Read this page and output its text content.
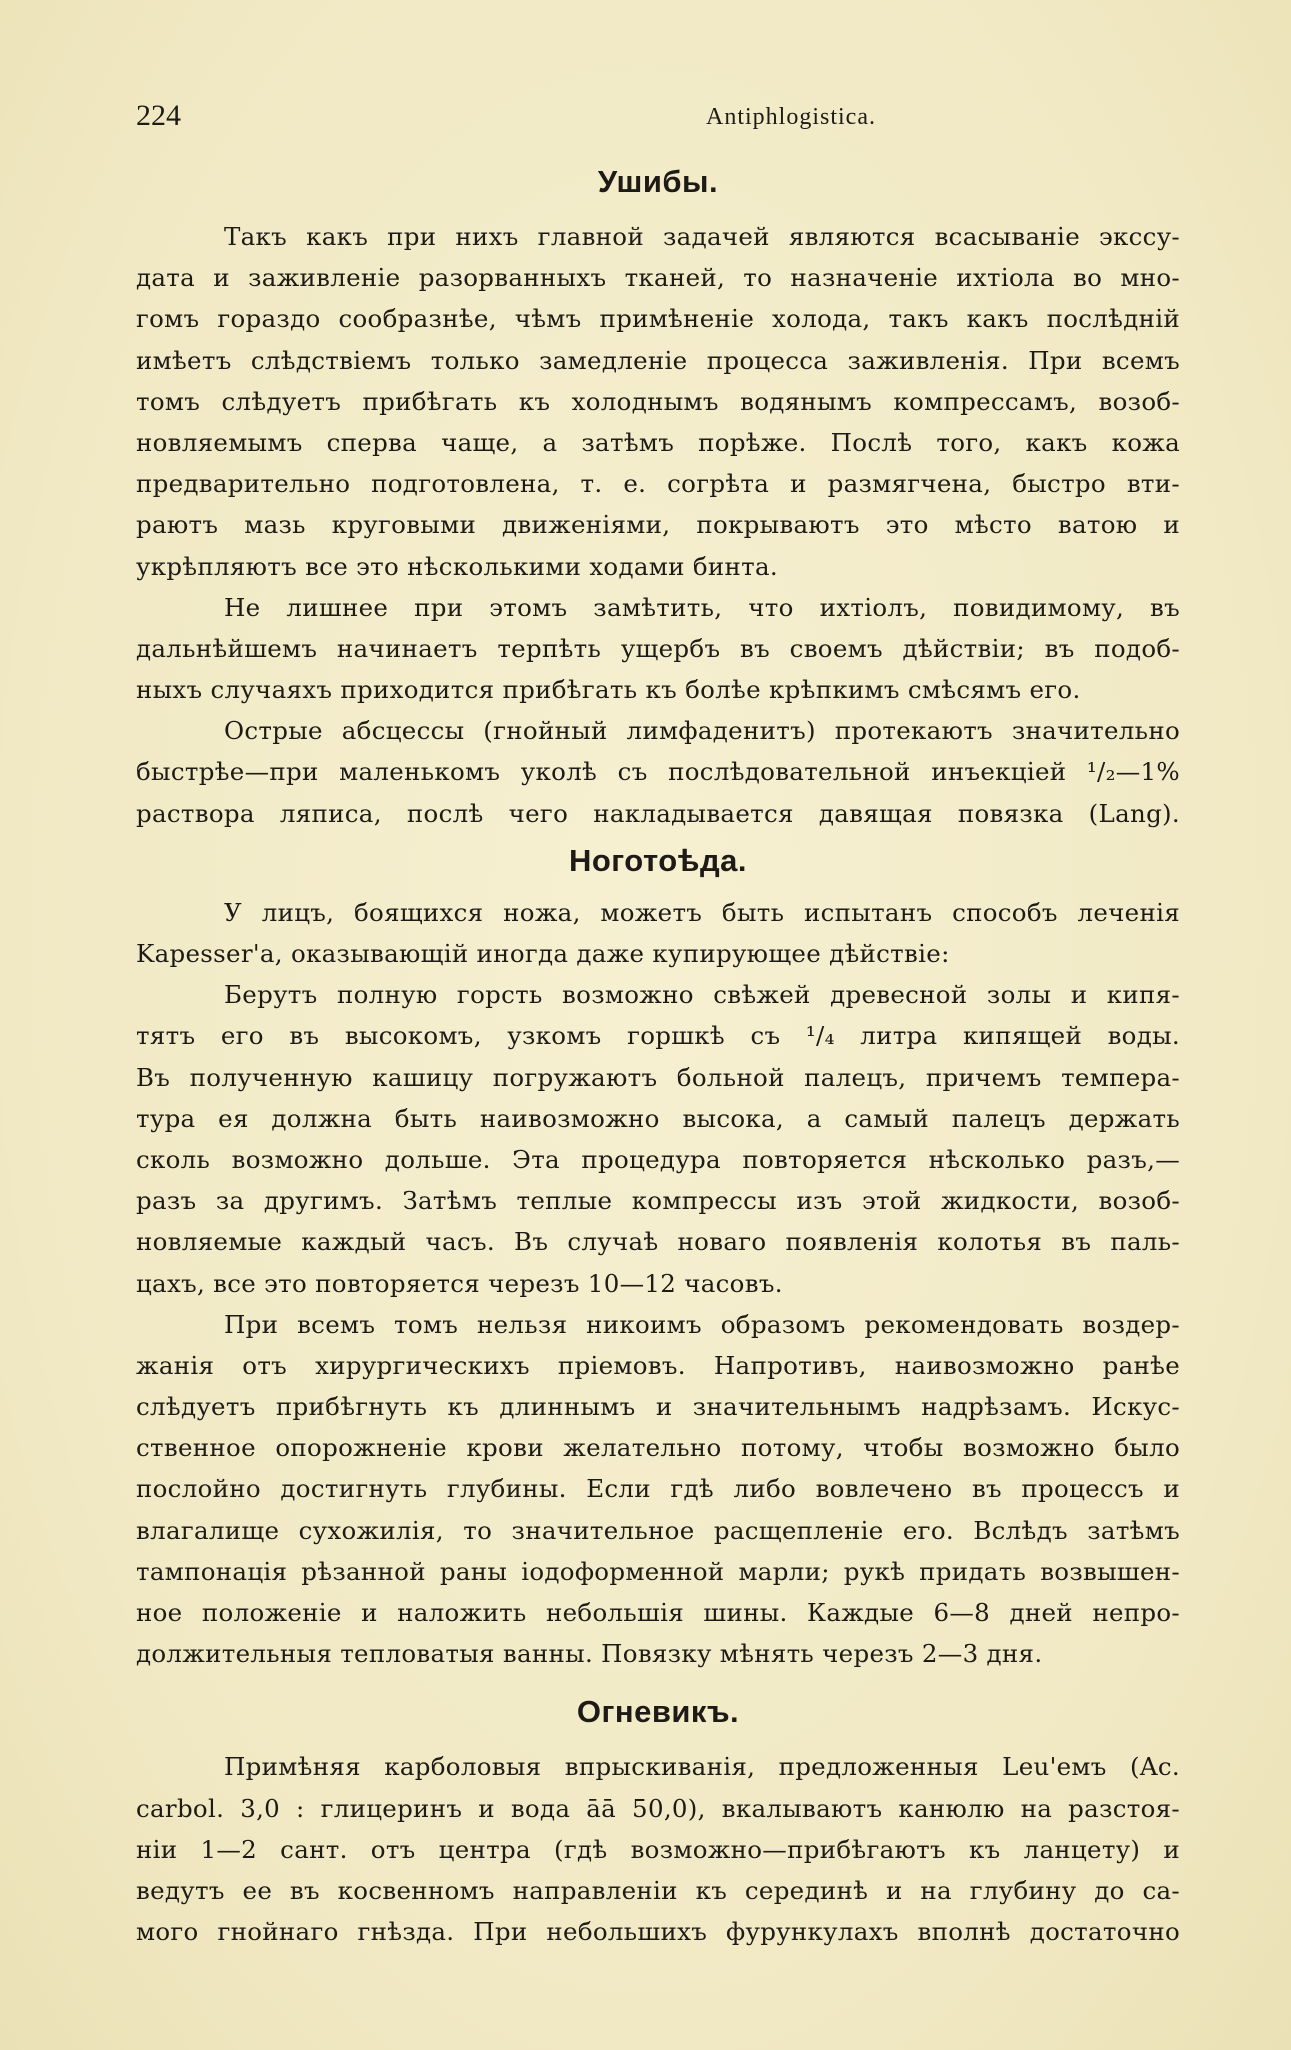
224	Antiphlogistica.
Ушибы.
Такъ какъ при нихъ главной задачей являются всасываніе экссу-
дата и заживленіе разорванныхъ тканей, то назначеніе ихтіола во мно-
гомъ гораздо сообразнѣе, чѣмъ примѣненіе холода, такъ какъ послѣдній
имѣетъ слѣдствіемъ только замедленіе процесса заживленія. При всемъ
томъ слѣдуетъ прибѣгать къ холоднымъ водянымъ компрессамъ, возоб-
новляемымъ сперва чаще, а затѣмъ порѣже. Послѣ того, какъ кожа
предварительно подготовлена, т. е. согрѣта и размягчена, быстро вти-
раютъ мазь круговыми движеніями, покрываютъ это мѣсто ватою и
укрѣпляютъ все это нѣсколькими ходами бинта.
Не лишнее при этомъ замѣтить, что ихтіолъ, повидимому, въ
дальнѣйшемъ начинаетъ терпѣть ущербъ въ своемъ дѣйствіи; въ подоб-
ныхъ случаяхъ приходится прибѣгать къ болѣе крѣпкимъ смѣсямъ его.
Острые абсцессы (гнойный лимфаденитъ) протекаютъ значительно
быстрѣе—при маленькомъ уколѣ съ послѣдовательной инъекціей ¹/₂—1%
раствора ляписа, послѣ чего накладывается давящая повязка (Lang).
Ноготоѣда.
У лицъ, боящихся ножа, можетъ быть испытанъ способъ леченія
Kapesser'а, оказывающій иногда даже купирующее дѣйствіе:
Берутъ полную горсть возможно свѣжей древесной золы и кипя-
тятъ его въ высокомъ, узкомъ горшкѣ съ ¹/₄ литра кипящей воды.
Въ полученную кашицу погружаютъ больной палецъ, причемъ темпера-
тура ея должна быть наивозможно высока, а самый палецъ держать
сколь возможно дольше. Эта процедура повторяется нѣсколько разъ,—
разъ за другимъ. Затѣмъ теплые компрессы изъ этой жидкости, возоб-
новляемые каждый часъ. Въ случаѣ новаго появленія колотья въ паль-
цахъ, все это повторяется черезъ 10—12 часовъ.
При всемъ томъ нельзя никоимъ образомъ рекомендовать воздер-
жанія отъ хирургическихъ пріемовъ. Напротивъ, наивозможно ранѣе
слѣдуетъ прибѣгнуть къ длиннымъ и значительнымъ надрѣзамъ. Искус-
ственное опорожненіе крови желательно потому, чтобы возможно было
послойно достигнуть глубины. Если гдѣ либо вовлечено въ процессъ и
влагалище сухожилія, то значительное расщепленіе его. Вслѣдъ затѣмъ
тампонація рѣзанной раны іодоформенной марли; рукѣ придать возвышен-
ное положеніе и наложить небольшія шины. Каждые 6—8 дней непро-
должительныя тепловатыя ванны. Повязку мѣнять черезъ 2—3 дня.
Огневикъ.
Примѣняя карболовыя впрыскиванія, предложенныя Leu'емъ (Ac.
carbol. 3,0 : глицеринъ и вода āā 50,0), вкалываютъ канюлю на разстоя-
ніи 1—2 сант. отъ центра (гдѣ возможно—прибѣгаютъ къ ланцету) и
ведутъ ее въ косвенномъ направленіи къ серединѣ и на глубину до са-
мого гнойнаго гнѣзда. При небольшихъ фурункулахъ вполнѣ достаточно
